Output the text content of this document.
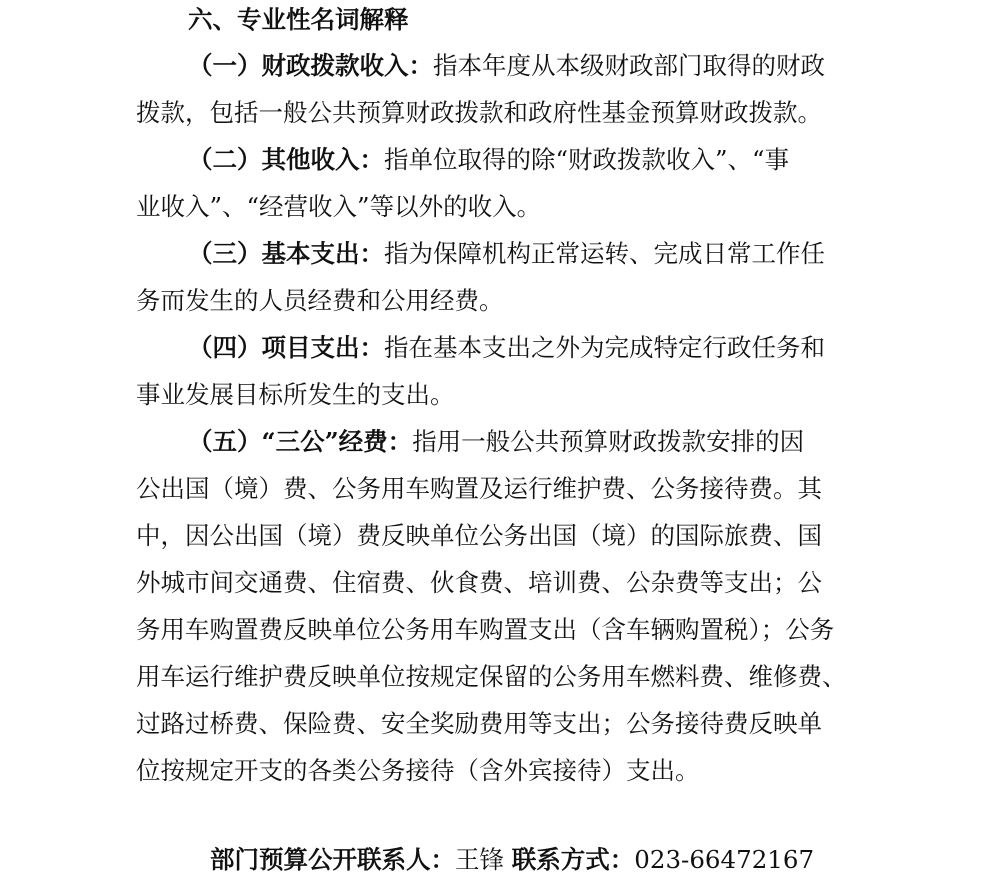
六、专业性名词解释
（一）财政拨款收入：指本年度从本级财政部门取得的财政
拨款，包括一般公共预算财政拨款和政府性基金预算财政拨款。
（二）其他收入：指单位取得的除“财政拨款收入”、“事
业收入”、“经营收入”等以外的收入。
（三）基本支出：指为保障机构正常运转、完成日常工作任
务而发生的人员经费和公用经费。
（四）项目支出：指在基本支出之外为完成特定行政任务和
事业发展目标所发生的支出。
（五）“三公”经费：指用一般公共预算财政拨款安排的因
公出国（境）费、公务用车购置及运行维护费、公务接待费。其
中，因公出国（境）费反映单位公务出国（境）的国际旅费、国
外城市间交通费、住宿费、伙食费、培训费、公杂费等支出；公
务用车购置费反映单位公务用车购置支出（含车辆购置税）；公务
用车运行维护费反映单位按规定保留的公务用车燃料费、维修费、
过路过桥费、保险费、安全奖励费用等支出；公务接待费反映单
位按规定开支的各类公务接待（含外宾接待）支出。
部门预算公开联系人：王锋 联系方式：023-66472167
